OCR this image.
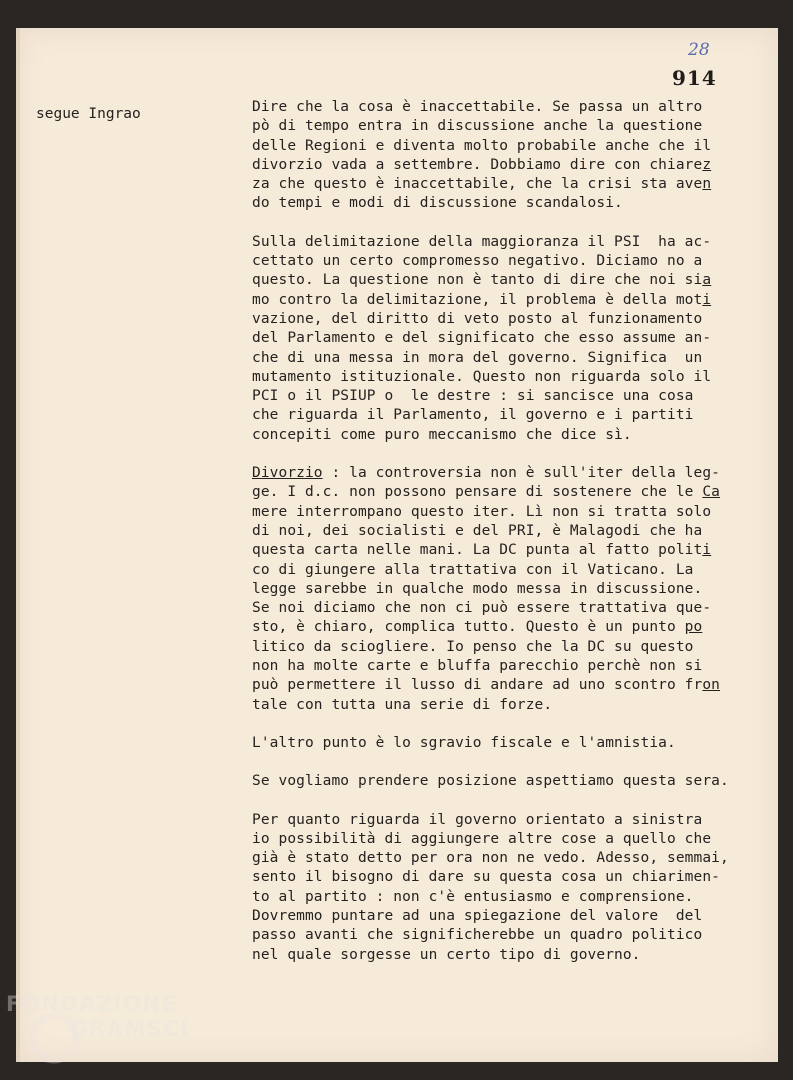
28
914
segue Ingrao	Dire che la cosa è inaccettabile. Se passa un altro
pò di tempo entra in discussione anche la questione
delle Regioni e diventa molto probabile anche che il
divorzio vada a settembre. Dobbiamo dire con chiarez
za che questo è inaccettabile, che la crisi sta aven
do tempi e modi di discussione scandalosi.
Sulla delimitazione della maggioranza il PSI  ha ac-
cettato un certo compromesso negativo. Diciamo no a
questo. La questione non è tanto di dire che noi sia
mo contro la delimitazione, il problema è della moti
vazione, del diritto di veto posto al funzionamento
del Parlamento e del significato che esso assume an-
che di una messa in mora del governo. Significa  un
mutamento istituzionale. Questo non riguarda solo il
PCI o il PSIUP o  le destre : si sancisce una cosa
che riguarda il Parlamento, il governo e i partiti
concepiti come puro meccanismo che dice sì.
Divorzio : la controversia non è sull'iter della leg-
ge. I d.c. non possono pensare di sostenere che le Ca
mere interrompano questo iter. Lì non si tratta solo
di noi, dei socialisti e del PRI, è Malagodi che ha
questa carta nelle mani. La DC punta al fatto politi
co di giungere alla trattativa con il Vaticano. La
legge sarebbe in qualche modo messa in discussione.
Se noi diciamo che non ci può essere trattativa que-
sto, è chiaro, complica tutto. Questo è un punto po
litico da sciogliere. Io penso che la DC su questo
non ha molte carte e bluffa parecchio perchè non si
può permettere il lusso di andare ad uno scontro fron
tale con tutta una serie di forze.
L'altro punto è lo sgravio fiscale e l'amnistia.
Se vogliamo prendere posizione aspettiamo questa sera.
Per quanto riguarda il governo orientato a sinistra
io possibilità di aggiungere altre cose a quello che
già è stato detto per ora non ne vedo. Adesso, semmai,
sento il bisogno di dare su questa cosa un chiarimen-
to al partito : non c'è entusiasmo e comprensione.
Dovremmo puntare ad una spiegazione del valore  del
passo avanti che significherebbe un quadro politico
nel quale sorgesse un certo tipo di governo.
FONDAZIONE
GRAMSCI
